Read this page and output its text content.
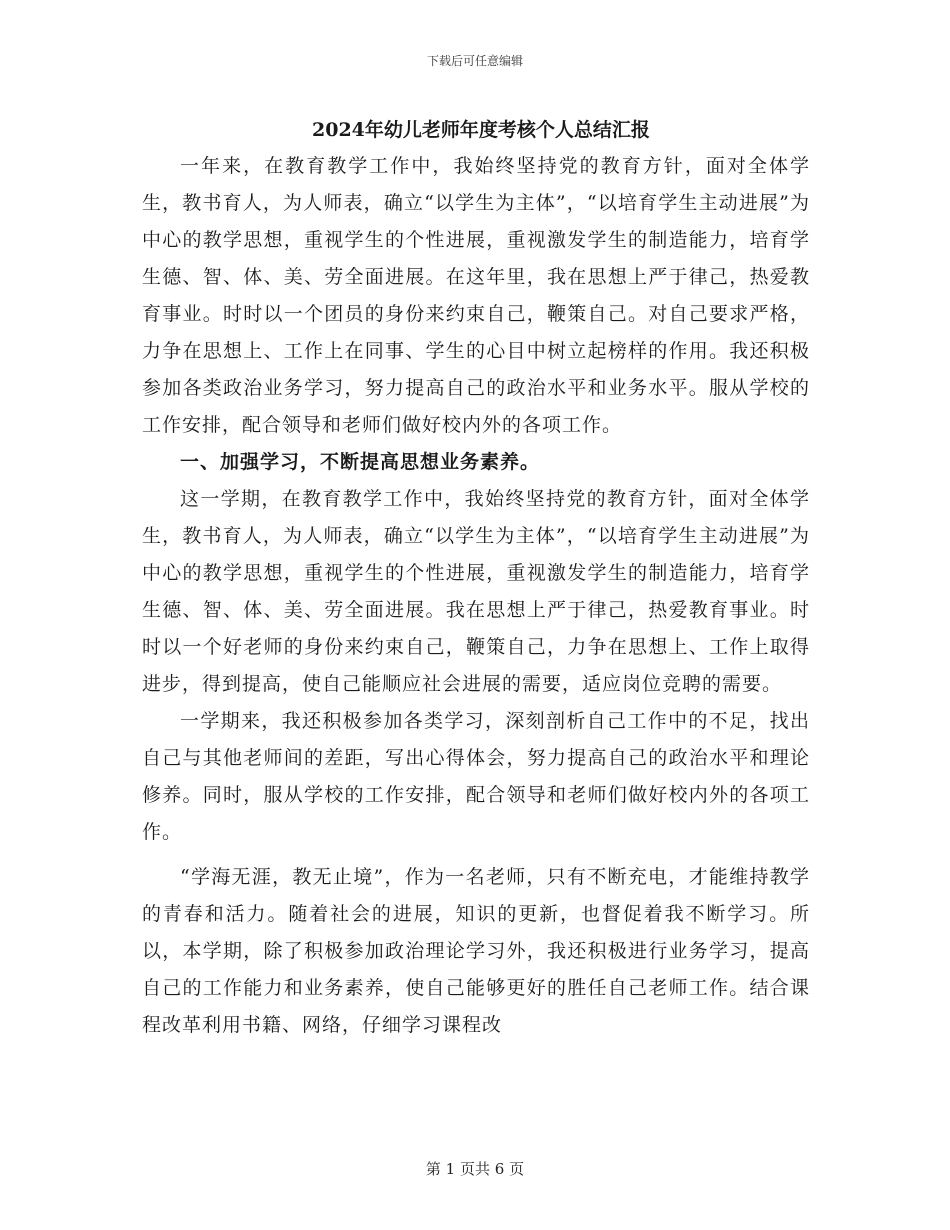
下载后可任意编辑
2024年幼儿老师年度考核个人总结汇报

一年来，在教育教学工作中，我始终坚持党的教育方针，面对全体学生，教书育人，为人师表，确立“以学生为主体”，“以培育学生主动进展”为中心的教学思想，重视学生的个性进展，重视激发学生的制造能力，培育学生德、智、体、美、劳全面进展。在这年里，我在思想上严于律己，热爱教育事业。时时以一个团员的身份来约束自己，鞭策自己。对自己要求严格，力争在思想上、工作上在同事、学生的心目中树立起榜样的作用。我还积极参加各类政治业务学习，努力提高自己的政治水平和业务水平。服从学校的工作安排，配合领导和老师们做好校内外的各项工作。

一、加强学习，不断提高思想业务素养。

这一学期，在教育教学工作中，我始终坚持党的教育方针，面对全体学生，教书育人，为人师表，确立“以学生为主体”，“以培育学生主动进展”为中心的教学思想，重视学生的个性进展，重视激发学生的制造能力，培育学生德、智、体、美、劳全面进展。我在思想上严于律己，热爱教育事业。时时以一个好老师的身份来约束自己，鞭策自己，力争在思想上、工作上取得进步，得到提高，使自己能顺应社会进展的需要，适应岗位竞聘的需要。

一学期来，我还积极参加各类学习，深刻剖析自己工作中的不足，找出自己与其他老师间的差距，写出心得体会，努力提高自己的政治水平和理论修养。同时，服从学校的工作安排，配合领导和老师们做好校内外的各项工作。

“学海无涯，教无止境”，作为一名老师，只有不断充电，才能维持教学的青春和活力。随着社会的进展，知识的更新，也督促着我不断学习。所以，本学期，除了积极参加政治理论学习外，我还积极进行业务学习，提高自己的工作能力和业务素养，使自己能够更好的胜任自己老师工作。结合课程改革利用书籍、网络，仔细学习课程改

第 1 页共 6 页
